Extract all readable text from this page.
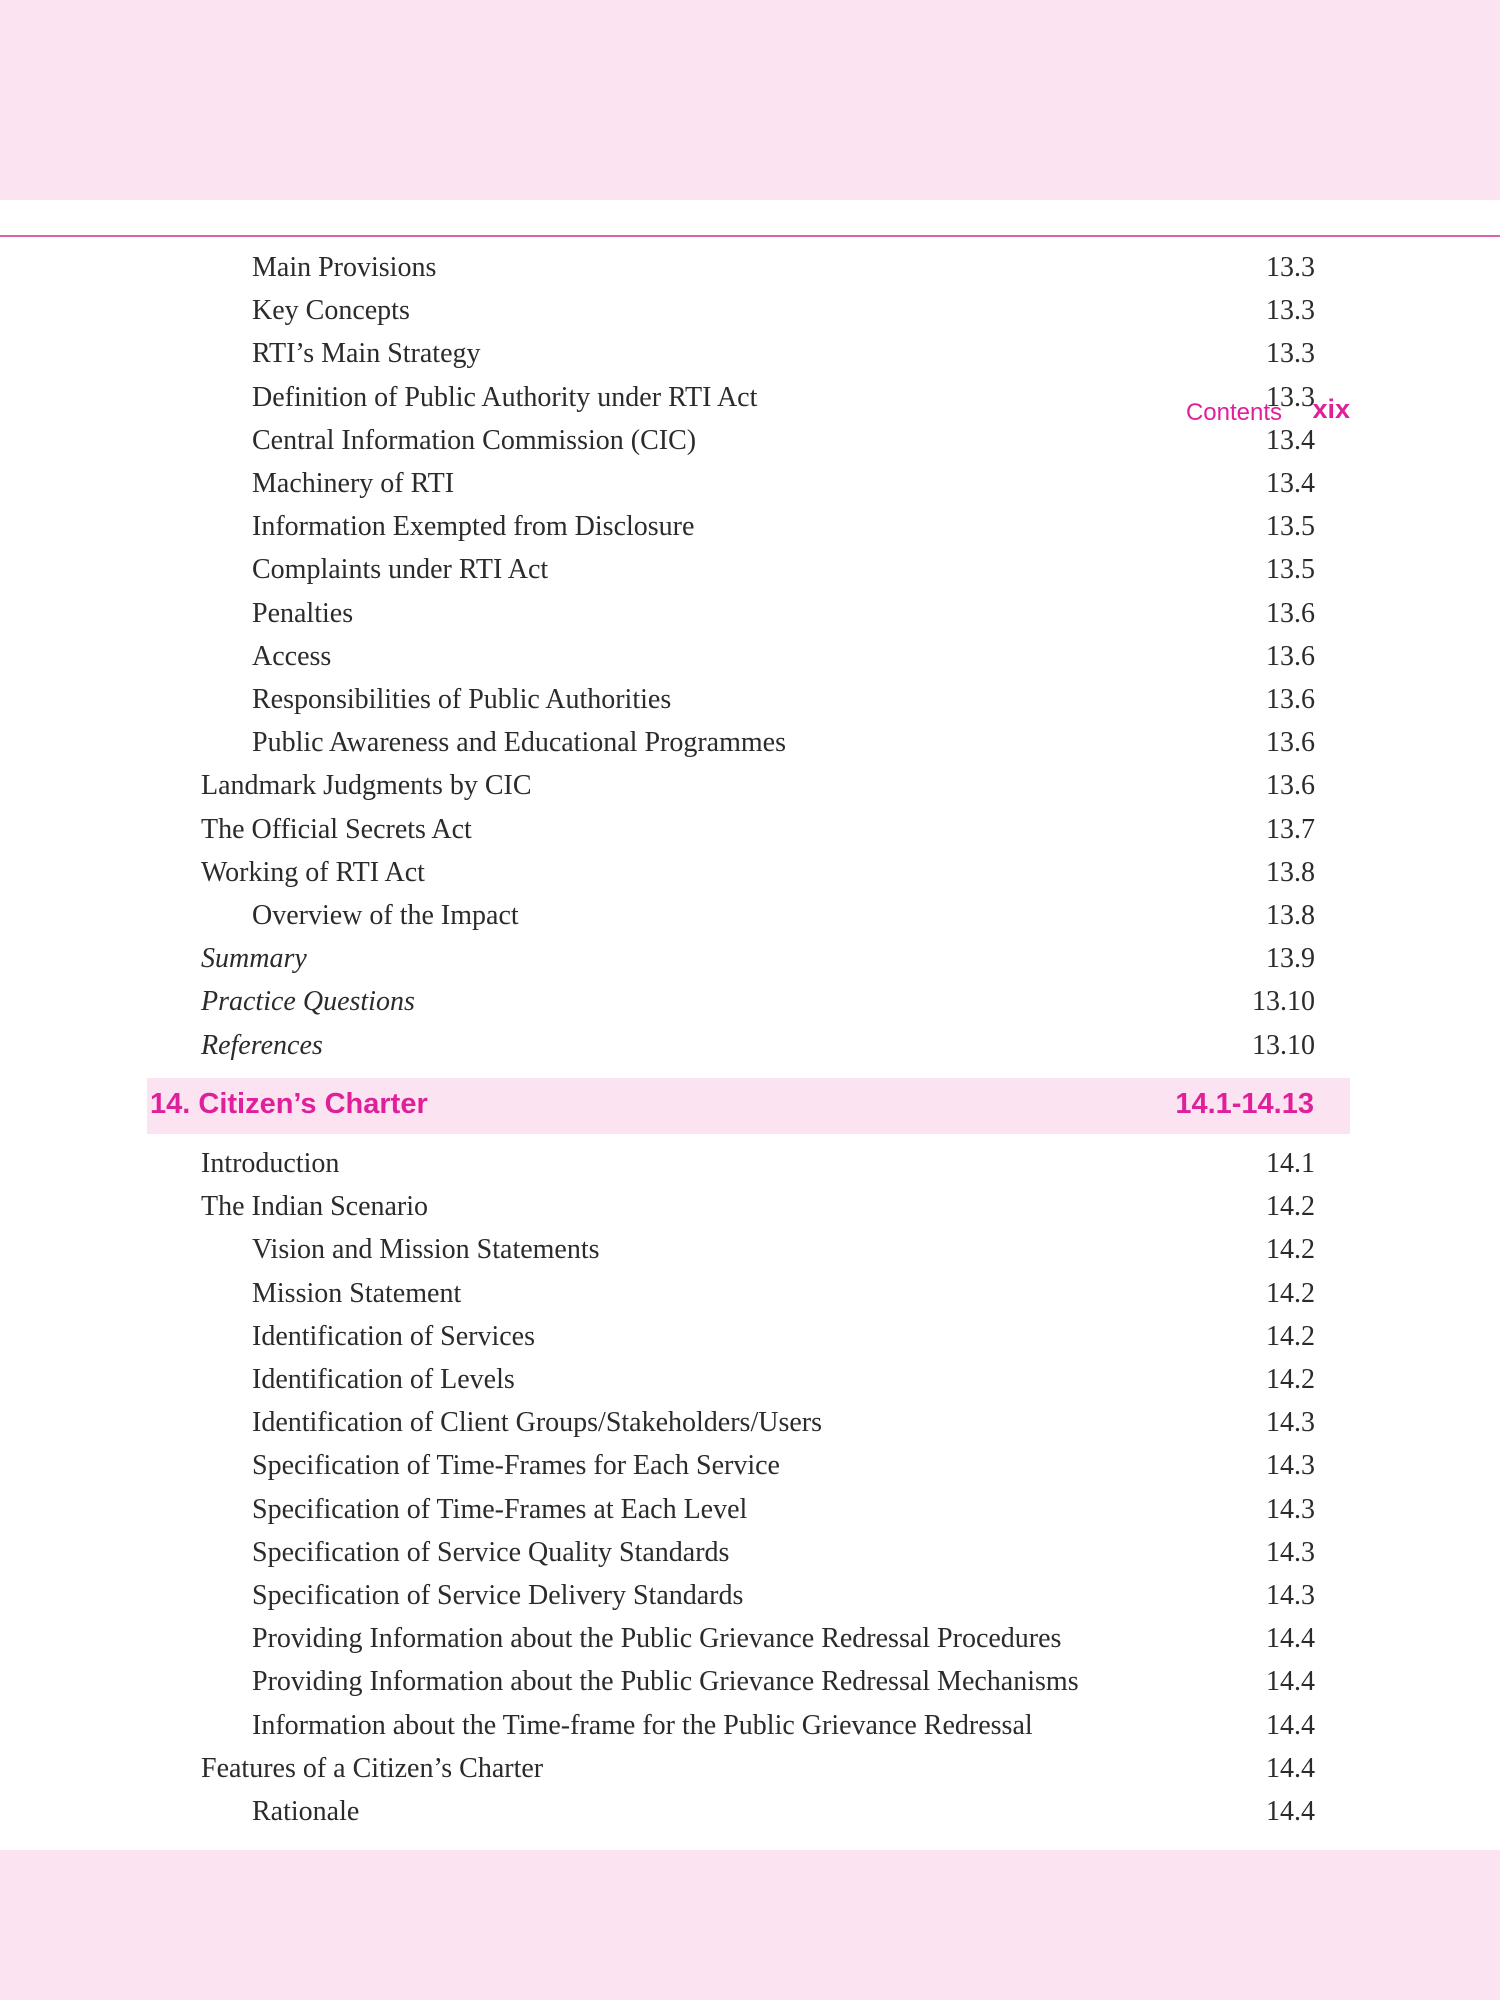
Contents xix
Main Provisions	13.3
Key Concepts	13.3
RTI’s Main Strategy	13.3
Definition of Public Authority under RTI Act	13.3
Central Information Commission (CIC)	13.4
Machinery of RTI	13.4
Information Exempted from Disclosure	13.5
Complaints under RTI Act	13.5
Penalties	13.6
Access	13.6
Responsibilities of Public Authorities	13.6
Public Awareness and Educational Programmes	13.6
Landmark Judgments by CIC	13.6
The Official Secrets Act	13.7
Working of RTI Act	13.8
Overview of the Impact	13.8
Summary	13.9
Practice Questions	13.10
References	13.10
14. Citizen’s Charter	14.1-14.13
Introduction	14.1
The Indian Scenario	14.2
Vision and Mission Statements	14.2
Mission Statement	14.2
Identification of Services	14.2
Identification of Levels	14.2
Identification of Client Groups/Stakeholders/Users	14.3
Specification of Time-Frames for Each Service	14.3
Specification of Time-Frames at Each Level	14.3
Specification of Service Quality Standards	14.3
Specification of Service Delivery Standards	14.3
Providing Information about the Public Grievance Redressal Procedures	14.4
Providing Information about the Public Grievance Redressal Mechanisms	14.4
Information about the Time-frame for the Public Grievance Redressal	14.4
Features of a Citizen’s Charter	14.4
Rationale	14.4
